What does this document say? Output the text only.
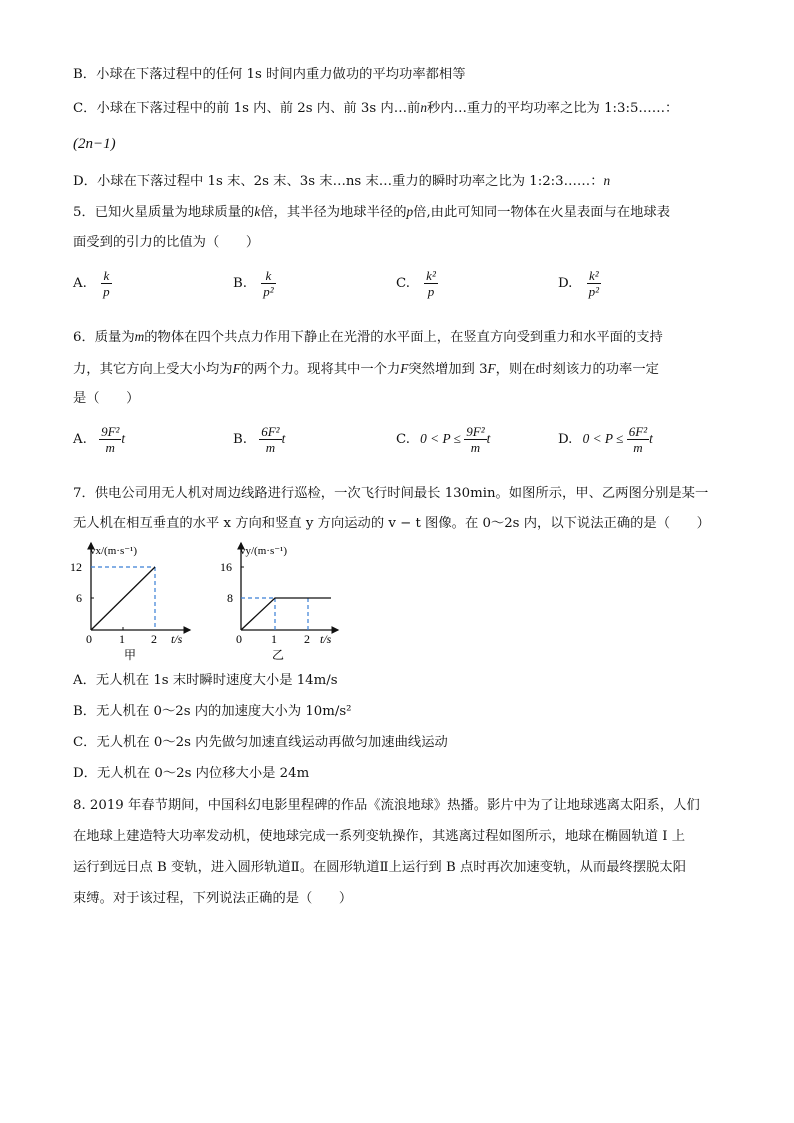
B．小球在下落过程中的任何 1s 时间内重力做功的平均功率都相等
C．小球在下落过程中的前 1s 内、前 2s 内、前 3s 内…前n秒内…重力的平均功率之比为 1:3:5……：
(2n−1)
D．小球在下落过程中 1s 末、2s 末、3s 末…ns 末…重力的瞬时功率之比为 1:2:3……：n
5．已知火星质量为地球质量的k倍，其半径为地球半径的p倍,由此可知同一物体在火星表面与在地球表
面受到的引力的比值为（　　）
A. $\frac{k}{p}$	B. $\frac{k}{\text{p²}}$	C. $\frac{\text{k²}}{p}$	D. $\frac{\text{k²}}{\text{p²}}$
6．质量为m的物体在四个共点力作用下静止在光滑的水平面上，在竖直方向受到重力和水平面的支持
力，其它方向上受大小均为F的两个力。现将其中一个力F突然增加到 3F，则在t时刻该力的功率一定
是（　　）
A. $\frac{\text{9F²}}{m}$ t	B. $\frac{\text{6F²}}{m}$ t	C. $0 < P \le \frac{\text{9F²}}{m}$ t	D. $0 < P \le \frac{\text{6F²}}{m}$ t
7．供电公司用无人机对周边线路进行巡检，一次飞行时间最长 130min。如图所示，甲、乙两图分别是某一
无人机在相互垂直的水平 x 方向和竖直 y 方向运动的 v − t 图像。在 0～2s 内，以下说法正确的是（　　）
vx/(m·s⁻¹)
12
6
0 1 2 t/s
甲
vy/(m·s⁻¹)
16
8
0 1 2 t/s
乙
A．无人机在 1s 末时瞬时速度大小是 14m/s
B．无人机在 0～2s 内的加速度大小为 10m/s²
C．无人机在 0～2s 内先做匀加速直线运动再做匀加速曲线运动
D．无人机在 0～2s 内位移大小是 24m
8. 2019 年春节期间，中国科幻电影里程碑的作品《流浪地球》热播。影片中为了让地球逃离太阳系，人们
在地球上建造特大功率发动机，使地球完成一系列变轨操作，其逃离过程如图所示，地球在椭圆轨道 I 上
运行到远日点 B 变轨，进入圆形轨道Ⅱ。在圆形轨道Ⅱ上运行到 B 点时再次加速变轨，从而最终摆脱太阳
束缚。对于该过程，下列说法正确的是（　　）
